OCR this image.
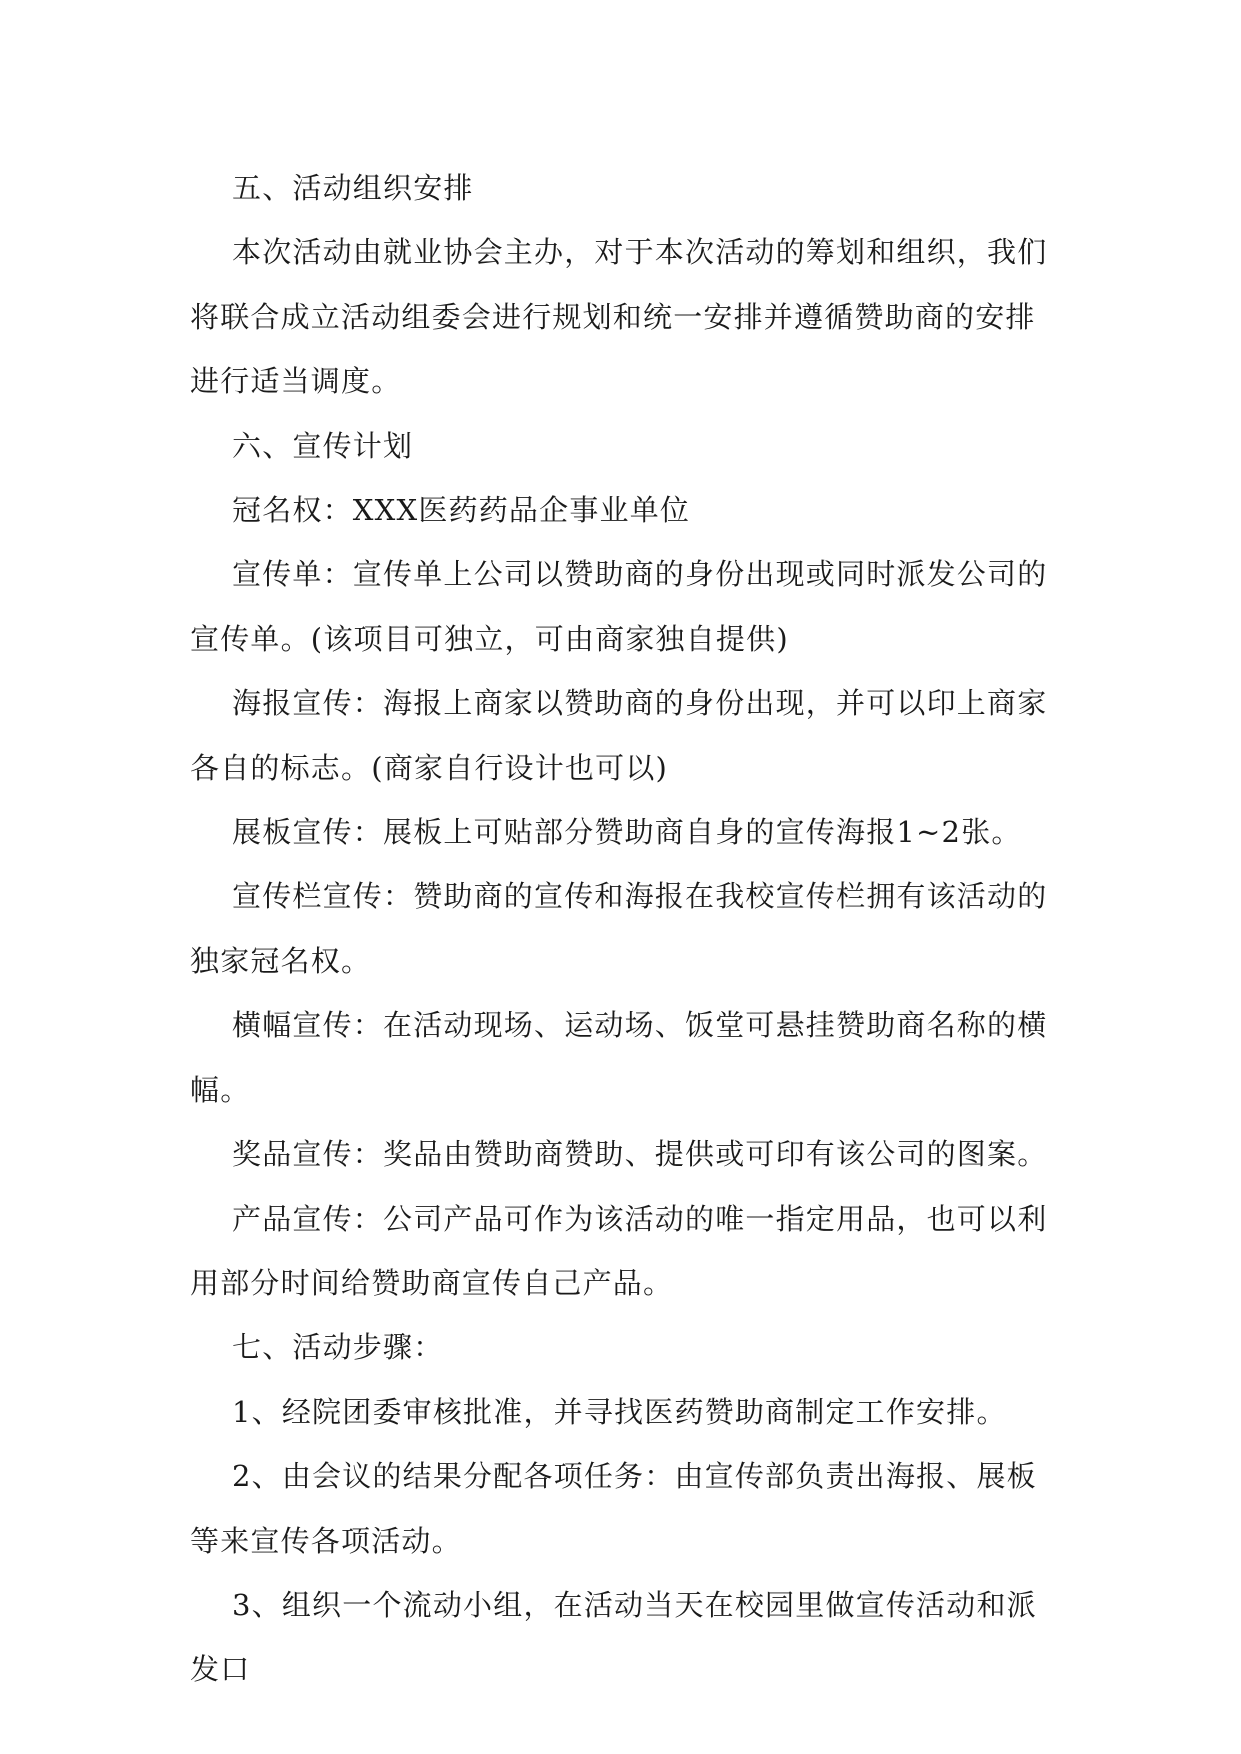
五、活动组织安排

本次活动由就业协会主办，对于本次活动的筹划和组织，我们将联合成立活动组委会进行规划和统一安排并遵循赞助商的安排进行适当调度。

六、宣传计划

冠名权：XXX医药药品企事业单位

宣传单：宣传单上公司以赞助商的身份出现或同时派发公司的宣传单。(该项目可独立，可由商家独自提供)

海报宣传：海报上商家以赞助商的身份出现，并可以印上商家各自的标志。(商家自行设计也可以)

展板宣传：展板上可贴部分赞助商自身的宣传海报1~2张。

宣传栏宣传：赞助商的宣传和海报在我校宣传栏拥有该活动的独家冠名权。

横幅宣传：在活动现场、运动场、饭堂可悬挂赞助商名称的横幅。

奖品宣传：奖品由赞助商赞助、提供或可印有该公司的图案。

产品宣传：公司产品可作为该活动的唯一指定用品，也可以利用部分时间给赞助商宣传自己产品。

七、活动步骤：

1、经院团委审核批准，并寻找医药赞助商制定工作安排。

2、由会议的结果分配各项任务：由宣传部负责出海报、展板等来宣传各项活动。

3、组织一个流动小组，在活动当天在校园里做宣传活动和派发口
